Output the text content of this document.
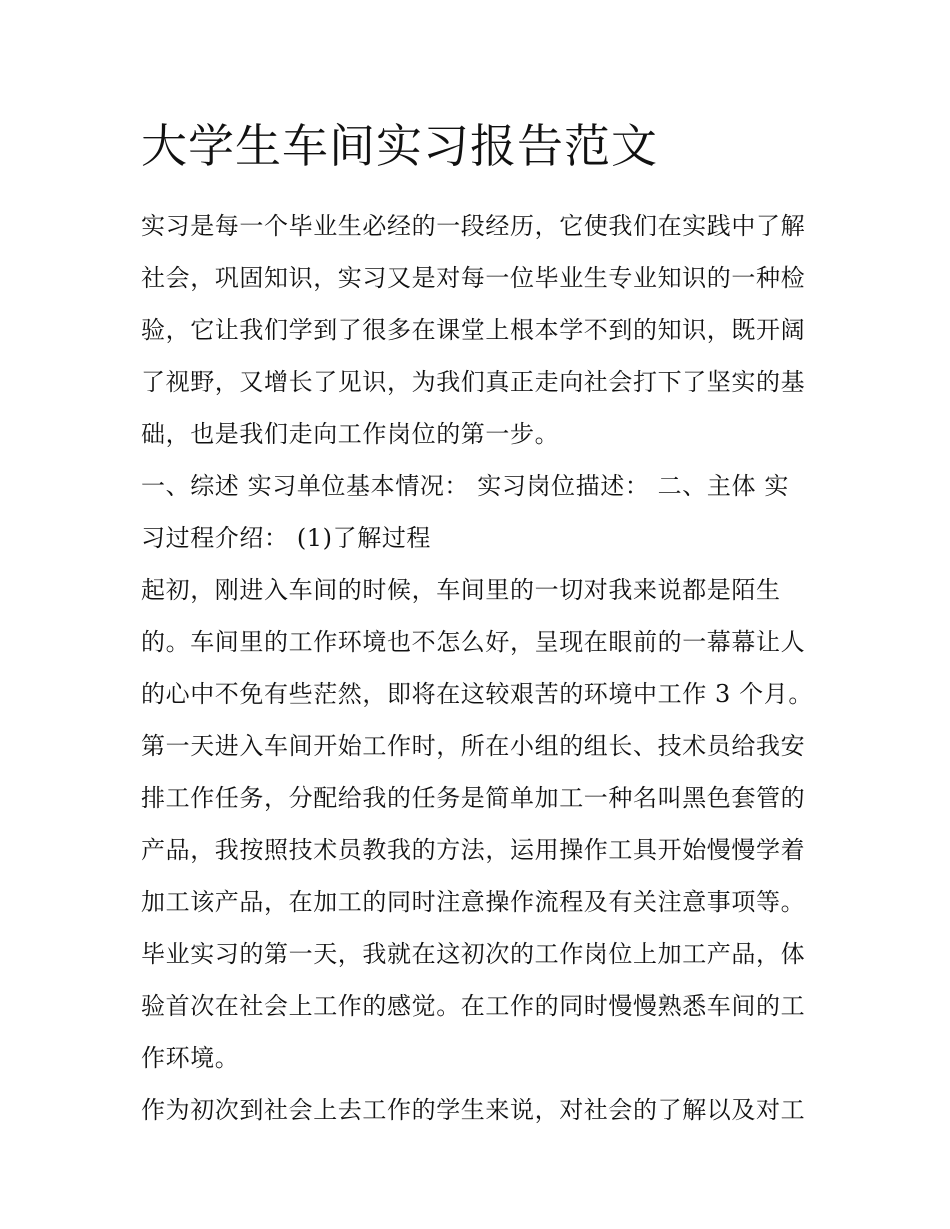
大学生车间实习报告范文

实习是每一个毕业生必经的一段经历，它使我们在实践中了解
社会，巩固知识，实习又是对每一位毕业生专业知识的一种检
验，它让我们学到了很多在课堂上根本学不到的知识，既开阔
了视野，又增长了见识，为我们真正走向社会打下了坚实的基
础，也是我们走向工作岗位的第一步。

一、综述 实习单位基本情况： 实习岗位描述： 二、主体 实
习过程介绍： (1)了解过程

起初，刚进入车间的时候，车间里的一切对我来说都是陌生
的。车间里的工作环境也不怎么好，呈现在眼前的一幕幕让人
的心中不免有些茫然，即将在这较艰苦的环境中工作 3 个月。
第一天进入车间开始工作时，所在小组的组长、技术员给我安
排工作任务，分配给我的任务是简单加工一种名叫黑色套管的
产品，我按照技术员教我的方法，运用操作工具开始慢慢学着
加工该产品，在加工的同时注意操作流程及有关注意事项等。
毕业实习的第一天，我就在这初次的工作岗位上加工产品，体
验首次在社会上工作的感觉。在工作的同时慢慢熟悉车间的工
作环境。

作为初次到社会上去工作的学生来说，对社会的了解以及对工
